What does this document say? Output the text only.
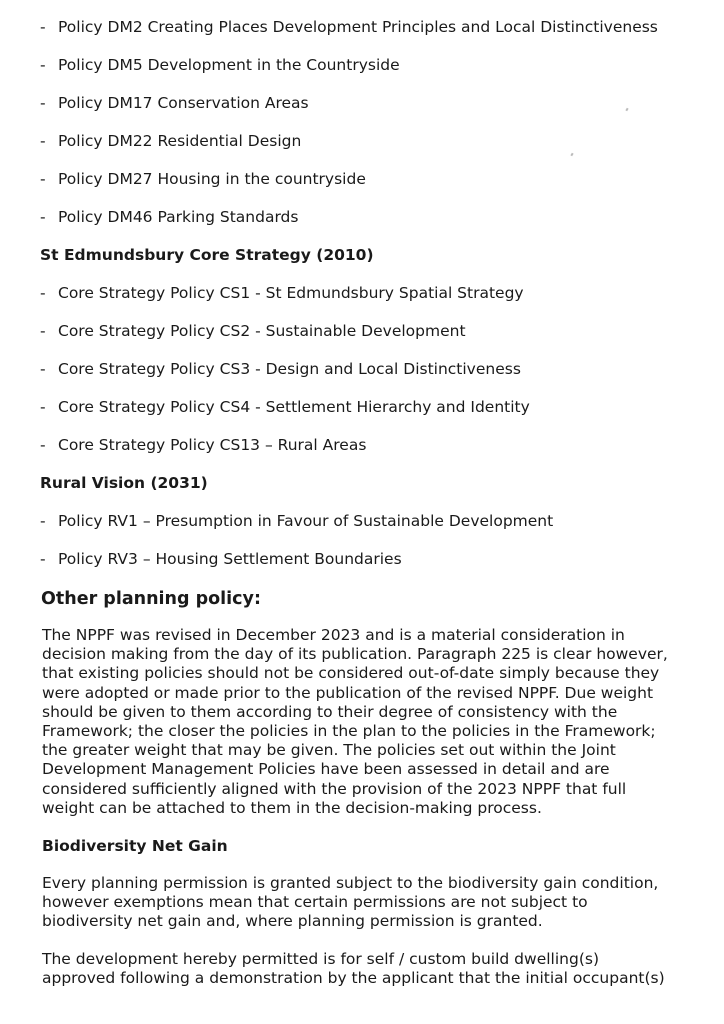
- Policy DM2 Creating Places Development Principles and Local Distinctiveness
- Policy DM5 Development in the Countryside
- Policy DM17 Conservation Areas
- Policy DM22 Residential Design
- Policy DM27 Housing in the countryside
- Policy DM46 Parking Standards
St Edmundsbury Core Strategy (2010)
- Core Strategy Policy CS1 - St Edmundsbury Spatial Strategy
- Core Strategy Policy CS2 - Sustainable Development
- Core Strategy Policy CS3 - Design and Local Distinctiveness
- Core Strategy Policy CS4 - Settlement Hierarchy and Identity
- Core Strategy Policy CS13 – Rural Areas
Rural Vision (2031)
- Policy RV1 – Presumption in Favour of Sustainable Development
- Policy RV3 – Housing Settlement Boundaries
Other planning policy:
The NPPF was revised in December 2023 and is a material consideration in
decision making from the day of its publication. Paragraph 225 is clear however,
that existing policies should not be considered out-of-date simply because they
were adopted or made prior to the publication of the revised NPPF. Due weight
should be given to them according to their degree of consistency with the
Framework; the closer the policies in the plan to the policies in the Framework;
the greater weight that may be given. The policies set out within the Joint
Development Management Policies have been assessed in detail and are
considered sufficiently aligned with the provision of the 2023 NPPF that full
weight can be attached to them in the decision-making process.
Biodiversity Net Gain
Every planning permission is granted subject to the biodiversity gain condition,
however exemptions mean that certain permissions are not subject to
biodiversity net gain and, where planning permission is granted.
The development hereby permitted is for self / custom build dwelling(s)
approved following a demonstration by the applicant that the initial occupant(s)
